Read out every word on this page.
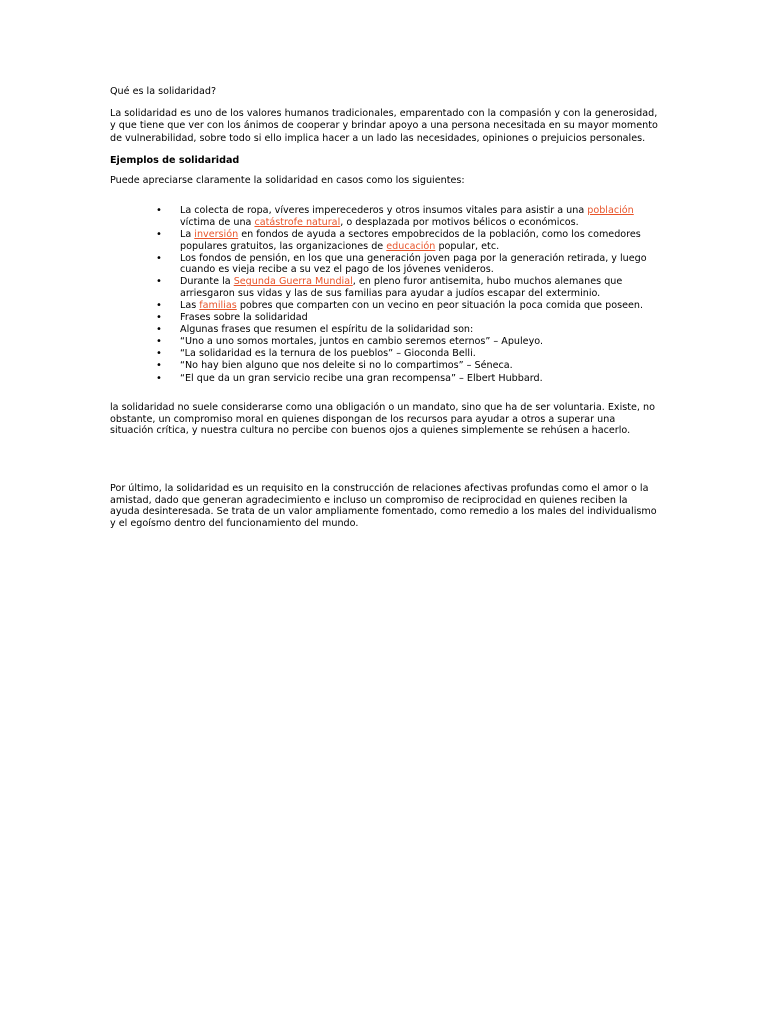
Qué es la solidaridad?

La solidaridad es uno de los valores humanos tradicionales, emparentado con la compasión y con la generosidad, y que tiene que ver con los ánimos de cooperar y brindar apoyo a una persona necesitada en su mayor momento de vulnerabilidad, sobre todo si ello implica hacer a un lado las necesidades, opiniones o prejuicios personales.

Ejemplos de solidaridad

Puede apreciarse claramente la solidaridad en casos como los siguientes:

• La colecta de ropa, víveres imperecederos y otros insumos vitales para asistir a una población víctima de una catástrofe natural, o desplazada por motivos bélicos o económicos.
• La inversión en fondos de ayuda a sectores empobrecidos de la población, como los comedores populares gratuitos, las organizaciones de educación popular, etc.
• Los fondos de pensión, en los que una generación joven paga por la generación retirada, y luego cuando es vieja recibe a su vez el pago de los jóvenes venideros.
• Durante la Segunda Guerra Mundial, en pleno furor antisemita, hubo muchos alemanes que arriesgaron sus vidas y las de sus familias para ayudar a judíos escapar del exterminio.
• Las familias pobres que comparten con un vecino en peor situación la poca comida que poseen.
• Frases sobre la solidaridad
• Algunas frases que resumen el espíritu de la solidaridad son:
• “Uno a uno somos mortales, juntos en cambio seremos eternos” – Apuleyo.
• “La solidaridad es la ternura de los pueblos” – Gioconda Belli.
• “No hay bien alguno que nos deleite si no lo compartimos” – Séneca.
• “El que da un gran servicio recibe una gran recompensa” – Elbert Hubbard.

la solidaridad no suele considerarse como una obligación o un mandato, sino que ha de ser voluntaria. Existe, no obstante, un compromiso moral en quienes dispongan de los recursos para ayudar a otros a superar una situación crítica, y nuestra cultura no percibe con buenos ojos a quienes simplemente se rehúsen a hacerlo.

Por último, la solidaridad es un requisito en la construcción de relaciones afectivas profundas como el amor o la amistad, dado que generan agradecimiento e incluso un compromiso de reciprocidad en quienes reciben la ayuda desinteresada. Se trata de un valor ampliamente fomentado, como remedio a los males del individualismo y el egoísmo dentro del funcionamiento del mundo.
